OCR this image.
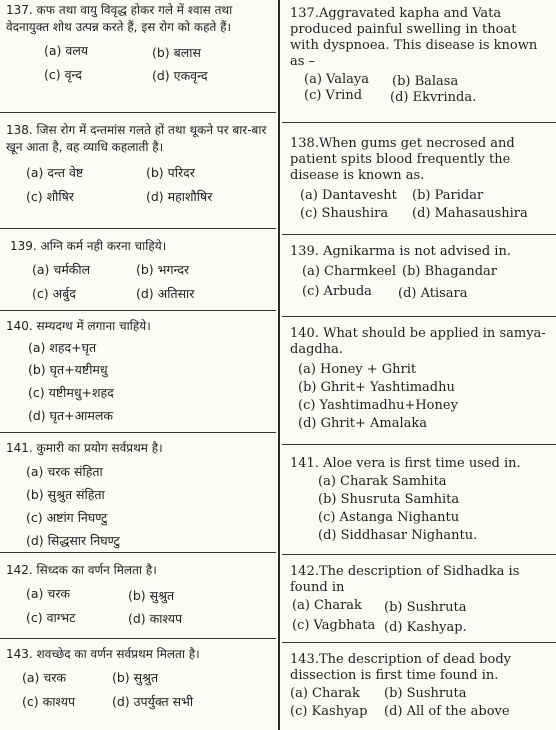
137. कफ तथा वायु विवृद्ध होकर गले में श्वास तथा वेदनायुक्त शोथ उत्पन्न करते हैं, इस रोग को कहते हैं।

(a) वलय	(b) बलास
(c) वृन्द	(d) एकवृन्द

138. जिस रोग में दन्तमांस गलते हों तथा थूकने पर बार-बार खून आता है, वह व्याधि कहलाती है।

(a) दन्त वेष्ट	(b) परिदर
(c) शौषिर	(d) महाशौषिर

139. अग्नि कर्म नही करना चाहिये।

(a) चर्मकील	(b) भगन्दर
(c) अर्बुद	(d) अतिसार

140. सम्यदग्ध में लगाना चाहिये।

(a) शहद+घृत
(b) घृत+यष्टीमधु
(c) यष्टीमधु+शहद
(d) घृत+आमलक

141. कुमारी का प्रयोग सर्वप्रथम है।

(a) चरक संहिता
(b) सुश्रुत संहिता
(c) अष्टांग निघण्टु
(d) सिद्धसार निघण्टु

142. सिध्दक का वर्णन मिलता है।

(a) चरक	(b) सुश्रुत
(c) वाग्भट	(d) काश्यप

143. शवच्छेद का वर्णन सर्वप्रथम मिलता है।

(a) चरक	(b) सुश्रुत
(c) काश्यप	(d) उपर्युक्त सभी

137.Aggravated kapha and Vata produced painful swelling in thoat with dyspnoea. This disease is known as –

(a) Valaya (b) Balasa
(c) Vrind (d) Ekvrinda.

138.When gums get necrosed and patient spits blood frequently the disease is known as.

(a) Dantavesht (b) Paridar
(c) Shaushira (d) Mahasaushira

139. Agnikarma is not advised in.

(a) Charmkeel (b) Bhagandar
(c) Arbuda (d) Atisara

140. What should be applied in samya-dagdha.

(a) Honey + Ghrit
(b) Ghrit+ Yashtimadhu
(c) Yashtimadhu+Honey
(d) Ghrit+ Amalaka

141. Aloe vera is first time used in.

(a) Charak Samhita
(b) Shusruta Samhita
(c) Astanga Nighantu
(d) Siddhasar Nighantu.

142.The description of Sidhadka is found in

(a) Charak (b) Sushruta
(c) Vagbhata (d) Kashyap.

143.The description of dead body dissection is first time found in.

(a) Charak (b) Sushruta
(c) Kashyap (d) All of the above
